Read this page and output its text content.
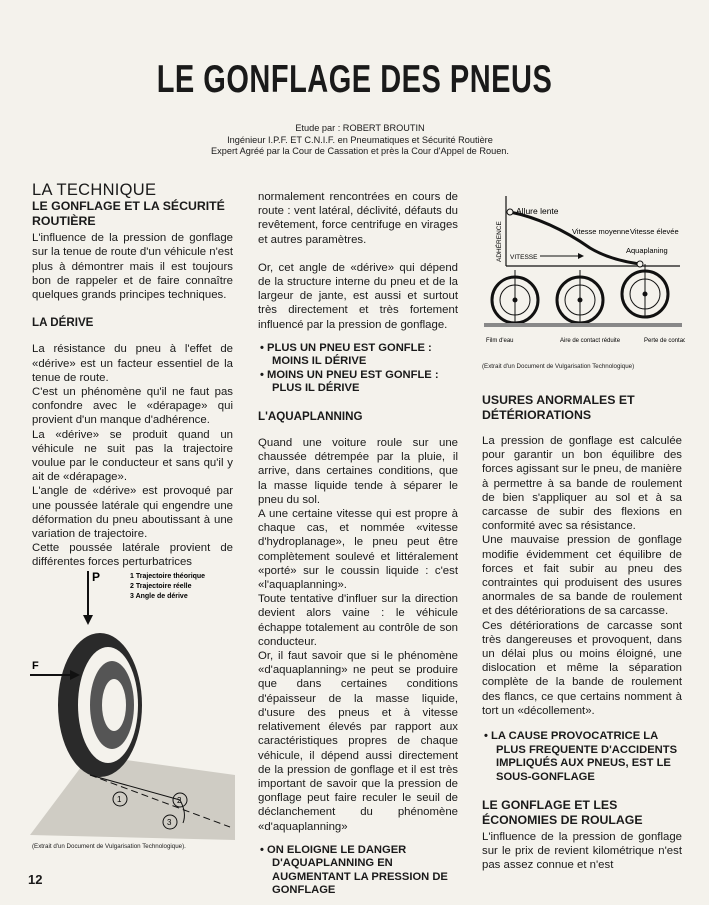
LE GONFLAGE DES PNEUS
Etude par : ROBERT BROUTIN
Ingénieur I.P.F. ET C.N.I.F. en Pneumatiques et Sécurité Routière
Expert Agréé par la Cour de Cassation et près la Cour d'Appel de Rouen.
LA TECHNIQUE
LE GONFLAGE ET LA SÉCURITÉ ROUTIÈRE

L'influence de la pression de gonflage sur la tenue de route d'un véhicule n'est plus à démontrer mais il est toujours bon de rappeler et de faire connaître quelques grands principes techniques.

LA DÉRIVE

La résistance du pneu à l'effet de «dérive» est un facteur essentiel de la tenue de route.

C'est un phénomène qu'il ne faut pas confondre avec le «dérapage» qui provient d'un manque d'adhérence.

La «dérive» se produit quand un véhicule ne suit pas la trajectoire voulue par le conducteur et sans qu'il y ait de «dérapage».

L'angle de «dérive» est provoqué par une poussée latérale qui engendre une déformation du pneu aboutissant à une variation de trajectoire.

Cette poussée latérale provient de différentes forces perturbatrices

P
F
1	2
3
1 Trajectoire théorique
2 Trajectoire réelle
3 Angle de dérive
(Extrait d'un Document de Vulgarisation Technologique).

normalement rencontrées en cours de route : vent latéral, déclivité, défauts du revêtement, force centrifuge en virages et autres paramètres.

Or, cet angle de «dérive» qui dépend de la structure interne du pneu et de la largeur de jante, est aussi et surtout très directement et très fortement influencé par la pression de gonflage.

• PLUS UN PNEU EST GONFLE : MOINS IL DÉRIVE
• MOINS UN PNEU EST GONFLE : PLUS IL DÉRIVE
L'AQUAPLANNING

Quand une voiture roule sur une chaussée détrempée par la pluie, il arrive, dans certaines conditions, que la masse liquide tende à séparer le pneu du sol.

A une certaine vitesse qui est propre à chaque cas, et nommée «vitesse d'hydroplanage», le pneu peut être complètement soulevé et littéralement «porté» sur le coussin liquide : c'est «l'aquaplanning».

Toute tentative d'influer sur la direction devient alors vaine : le véhicule échappe totalement au contrôle de son conducteur.

Or, il faut savoir que si le phénomène «d'aquaplanning» ne peut se produire que dans certaines conditions d'épaisseur de la masse liquide, d'usure des pneus et à vitesse relativement élevés par rapport aux caractéristiques propres de chaque véhicule, il dépend aussi directement de la pression de gonflage et il est très important de savoir que la pression de gonflage peut faire reculer le seuil de déclanchement du phénomène «d'aquaplanning»

• ON ELOIGNE LE DANGER D'AQUAPLANNING EN AUGMENTANT LA PRESSION DE GONFLAGE
Allure lente
Vitesse moyenne Vitesse élevée
Aquaplaning
ADHÉRENCE VITESSE
Film d'eau	Aire de contact réduite	Perte de contact
(Extrait d'un Document de Vulgarisation Technologique)
USURES ANORMALES ET DÉTÉRIORATIONS

La pression de gonflage est calculée pour garantir un bon équilibre des forces agissant sur le pneu, de manière à permettre à sa bande de roulement de bien s'appliquer au sol et à sa carcasse de subir des flexions en conformité avec sa résistance.

Une mauvaise pression de gonflage modifie évidemment cet équilibre de forces et fait subir au pneu des contraintes qui produisent des usures anormales de sa bande de roulement et des détériorations de sa carcasse.

Ces détériorations de carcasse sont très dangereuses et provoquent, dans un délai plus ou moins éloigné, une dislocation et même la séparation complète de la bande de roulement des flancs, ce que certains nomment à tort un «décollement».

• LA CAUSE PROVOCATRICE LA PLUS FREQUENTE D'ACCIDENTS IMPLIQUÉS AUX PNEUS, EST LE SOUS-GONFLAGE
LE GONFLAGE ET LES ÉCONOMIES DE ROULAGE

L'influence de la pression de gonflage sur le prix de revient kilométrique n'est pas assez connue et n'est

12
